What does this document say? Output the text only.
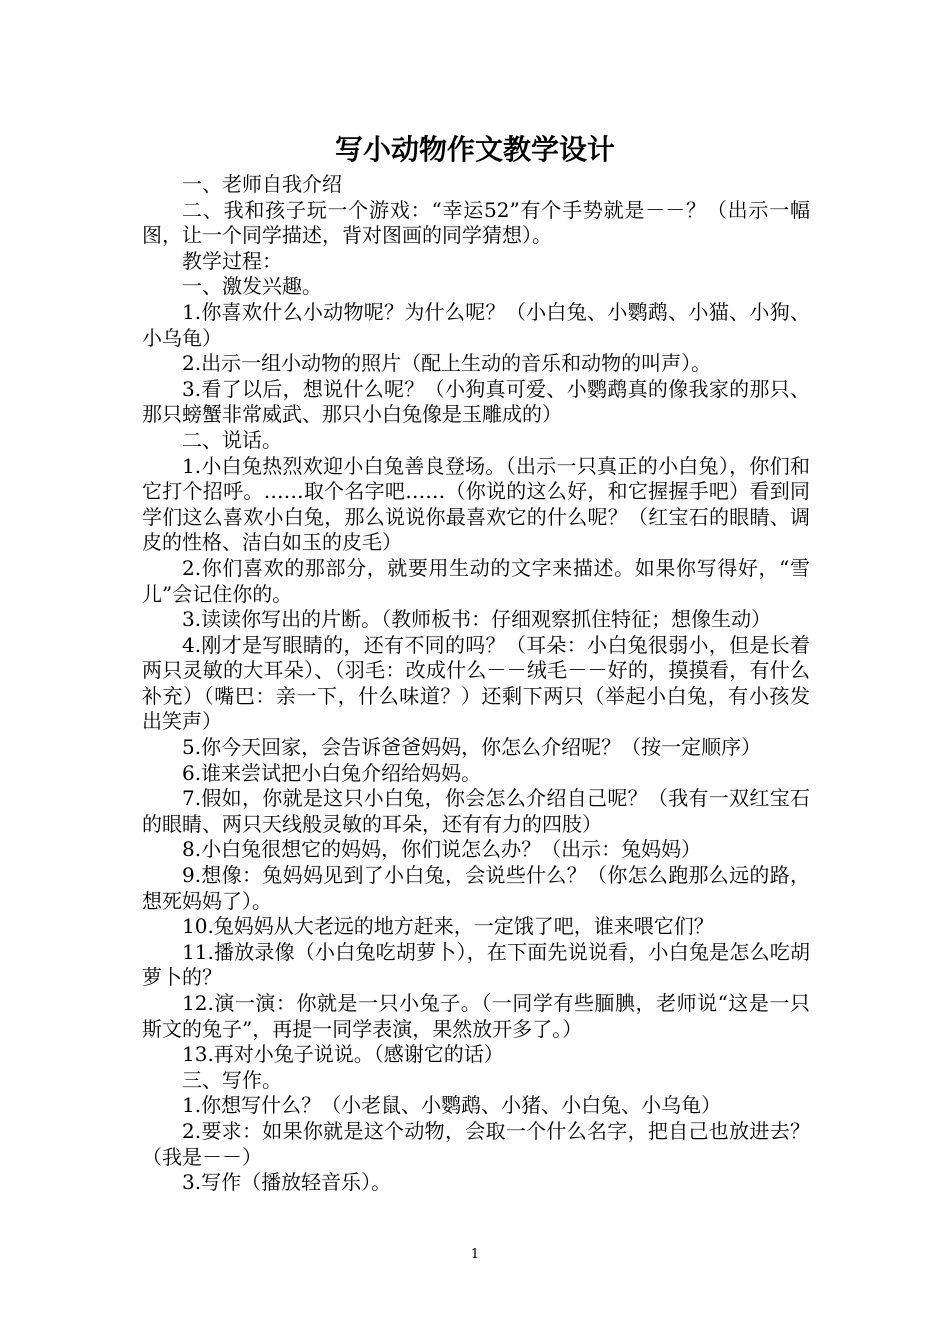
写小动物作文教学设计

一、老师自我介绍

二、我和孩子玩一个游戏：“幸运52”有个手势就是－－？（出示一幅图，让一个同学描述，背对图画的同学猜想）。

教学过程：

一、激发兴趣。

1.你喜欢什么小动物呢？为什么呢？（小白兔、小鹦鹉、小猫、小狗、小乌龟）

2.出示一组小动物的照片（配上生动的音乐和动物的叫声）。

3.看了以后，想说什么呢？（小狗真可爱、小鹦鹉真的像我家的那只、那只螃蟹非常威武、那只小白兔像是玉雕成的）

二、说话。

1.小白兔热烈欢迎小白兔善良登场。（出示一只真正的小白兔），你们和它打个招呼。……取个名字吧……（你说的这么好，和它握握手吧）看到同学们这么喜欢小白兔，那么说说你最喜欢它的什么呢？（红宝石的眼睛、调皮的性格、洁白如玉的皮毛）

2.你们喜欢的那部分，就要用生动的文字来描述。如果你写得好，“雪儿”会记住你的。

3.读读你写出的片断。（教师板书：仔细观察抓住特征；想像生动）

4.刚才是写眼睛的，还有不同的吗？（耳朵：小白兔很弱小，但是长着两只灵敏的大耳朵）、（羽毛：改成什么－－绒毛－－好的，摸摸看，有什么补充）（嘴巴：亲一下，什么味道？）还剩下两只（举起小白兔，有小孩发出笑声）

5.你今天回家，会告诉爸爸妈妈，你怎么介绍呢？（按一定顺序）

6.谁来尝试把小白兔介绍给妈妈。

7.假如，你就是这只小白兔，你会怎么介绍自己呢？（我有一双红宝石的眼睛、两只天线般灵敏的耳朵，还有有力的四肢）

8.小白兔很想它的妈妈，你们说怎么办？（出示：兔妈妈）

9.想像：兔妈妈见到了小白兔，会说些什么？（你怎么跑那么远的路，想死妈妈了）。

10.兔妈妈从大老远的地方赶来，一定饿了吧，谁来喂它们？

11.播放录像（小白兔吃胡萝卜），在下面先说说看，小白兔是怎么吃胡萝卜的？

12.演一演：你就是一只小兔子。（一同学有些腼腆，老师说“这是一只斯文的兔子”，再提一同学表演，果然放开多了。）

13.再对小兔子说说。（感谢它的话）

三、写作。

1.你想写什么？（小老鼠、小鹦鹉、小猪、小白兔、小乌龟）

2.要求：如果你就是这个动物，会取一个什么名字，把自己也放进去？（我是－－）

3.写作（播放轻音乐）。

1
